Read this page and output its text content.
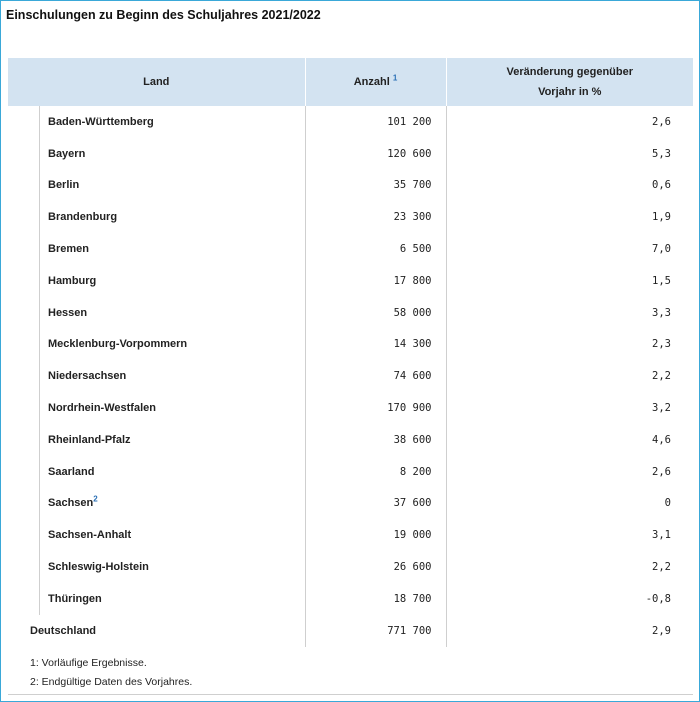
Einschulungen zu Beginn des Schuljahres 2021/2022
Land	Anzahl $^1$	Veränderung gegenüber
Vorjahr in %

Baden-Württemberg	101 200	2,6
Bayern	120 600	5,3
Berlin	35 700	0,6
Brandenburg	23 300	1,9
Bremen	6 500	7,0
Hamburg	17 800	1,5
Hessen	58 000	3,3
Mecklenburg-Vorpommern	14 300	2,3
Niedersachsen	74 600	2,2
Nordrhein-Westfalen	170 900	3,2
Rheinland-Pfalz	38 600	4,6
Saarland	8 200	2,6
Sachsen$^2$	37 600	0
Sachsen-Anhalt	19 000	3,1
Schleswig-Holstein	26 600	2,2
Thüringen	18 700	-0,8
Deutschland	771 700	2,9
1: Vorläufige Ergebnisse.
2: Endgültige Daten des Vorjahres.
